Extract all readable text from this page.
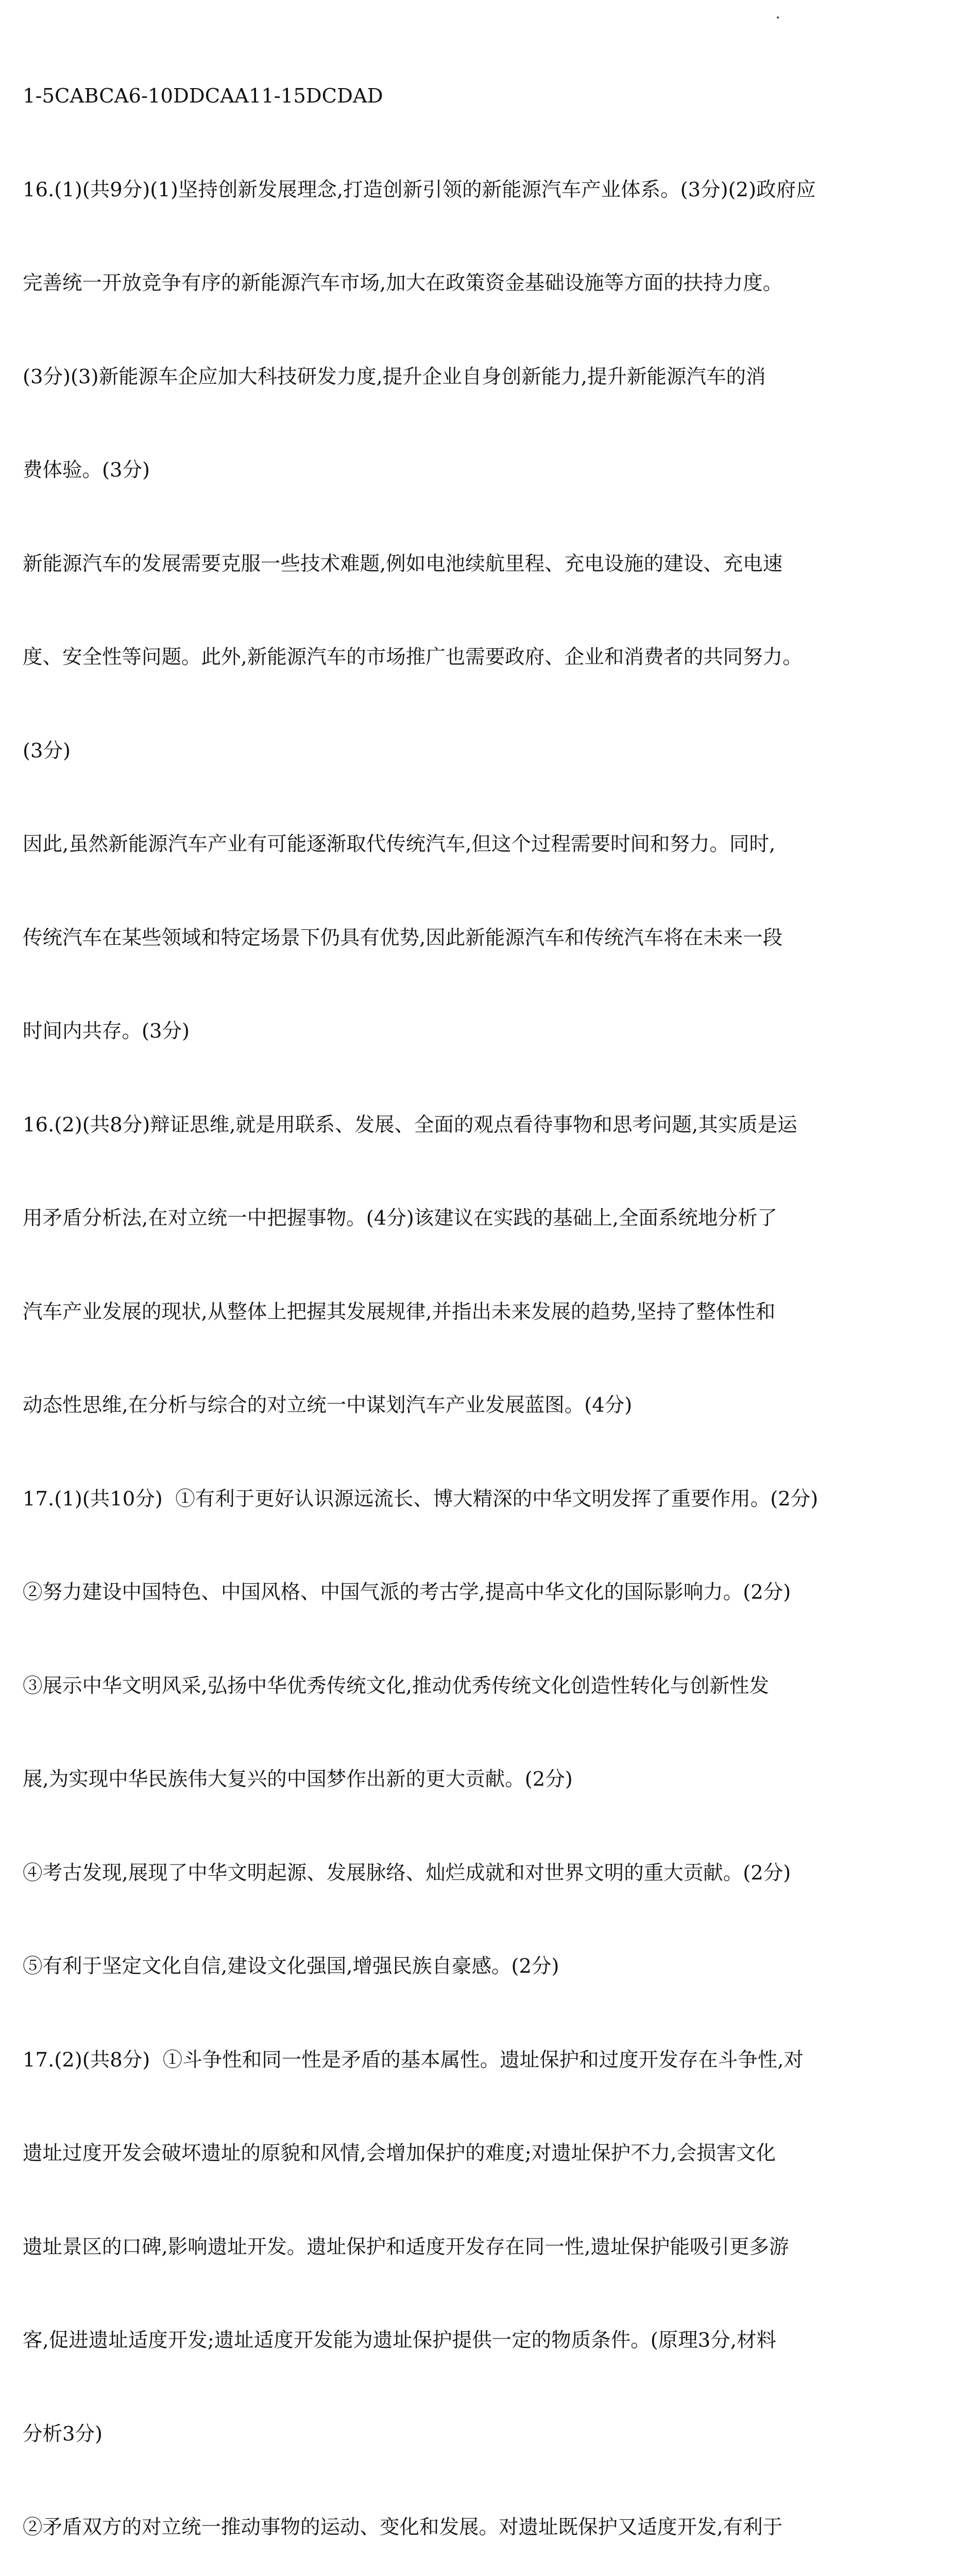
1-5CABCA6-10DDCAA11-15DCDAD

16.(1)(共9分)(1)坚持创新发展理念,打造创新引领的新能源汽车产业体系。(3分)(2)政府应

完善统一开放竞争有序的新能源汽车市场,加大在政策资金基础设施等方面的扶持力度。

(3分)(3)新能源车企应加大科技研发力度,提升企业自身创新能力,提升新能源汽车的消

费体验。(3分)

新能源汽车的发展需要克服一些技术难题,例如电池续航里程、充电设施的建设、充电速

度、安全性等问题。此外,新能源汽车的市场推广也需要政府、企业和消费者的共同努力。

(3分)

因此,虽然新能源汽车产业有可能逐渐取代传统汽车,但这个过程需要时间和努力。同时,

传统汽车在某些领域和特定场景下仍具有优势,因此新能源汽车和传统汽车将在未来一段

时间内共存。(3分)

16.(2)(共8分)辩证思维,就是用联系、发展、全面的观点看待事物和思考问题,其实质是运

用矛盾分析法,在对立统一中把握事物。(4分)该建议在实践的基础上,全面系统地分析了

汽车产业发展的现状,从整体上把握其发展规律,并指出未来发展的趋势,坚持了整体性和

动态性思维,在分析与综合的对立统一中谋划汽车产业发展蓝图。(4分)

17.(1)(共10分)  ①有利于更好认识源远流长、博大精深的中华文明发挥了重要作用。(2分)

②努力建设中国特色、中国风格、中国气派的考古学,提高中华文化的国际影响力。(2分)

③展示中华文明风采,弘扬中华优秀传统文化,推动优秀传统文化创造性转化与创新性发

展,为实现中华民族伟大复兴的中国梦作出新的更大贡献。(2分)

④考古发现,展现了中华文明起源、发展脉络、灿烂成就和对世界文明的重大贡献。(2分)

⑤有利于坚定文化自信,建设文化强国,增强民族自豪感。(2分)

17.(2)(共8分)  ①斗争性和同一性是矛盾的基本属性。遗址保护和过度开发存在斗争性,对

遗址过度开发会破坏遗址的原貌和风情,会增加保护的难度;对遗址保护不力,会损害文化

遗址景区的口碑,影响遗址开发。遗址保护和适度开发存在同一性,遗址保护能吸引更多游

客,促进遗址适度开发;遗址适度开发能为遗址保护提供一定的物质条件。(原理3分,材料

分析3分)

②矛盾双方的对立统一推动事物的运动、变化和发展。对遗址既保护又适度开发,有利于
